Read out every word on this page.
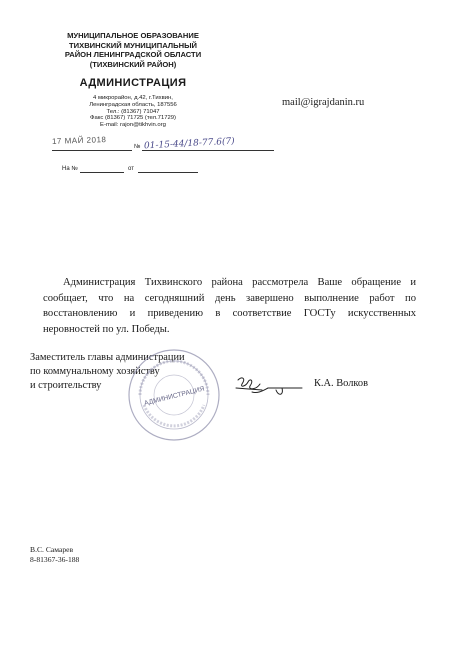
МУНИЦИПАЛЬНОЕ ОБРАЗОВАНИЕ
ТИХВИНСКИЙ МУНИЦИПАЛЬНЫЙ
РАЙОН ЛЕНИНГРАДСКОЙ ОБЛАСТИ
(ТИХВИНСКИЙ РАЙОН)
АДМИНИСТРАЦИЯ
4 микрорайон, д.42, г.Тихвин,
Ленинградская область, 187556
Тел.: (81367) 71047
Факс (81367) 71725 (тел.71729)
E-mail: rajon@tikhvin.org
mail@igrajdanin.ru
17 МАЙ 2018
№ 01-15-44/18-77.6(7)
На №	от
Администрация Тихвинского района рассмотрела Ваше обращение и сообщает, что на сегодняшний день завершено выполнение работ по восстановлению и приведению в соответствие ГОСТу искусственных неровностей по ул. Победы.
Заместитель главы администрации
по коммунальному хозяйству
и строительству
АДМИНИСТРАЦИЯ
К.А. Волков
В.С. Самарев
8-81367-36-188
